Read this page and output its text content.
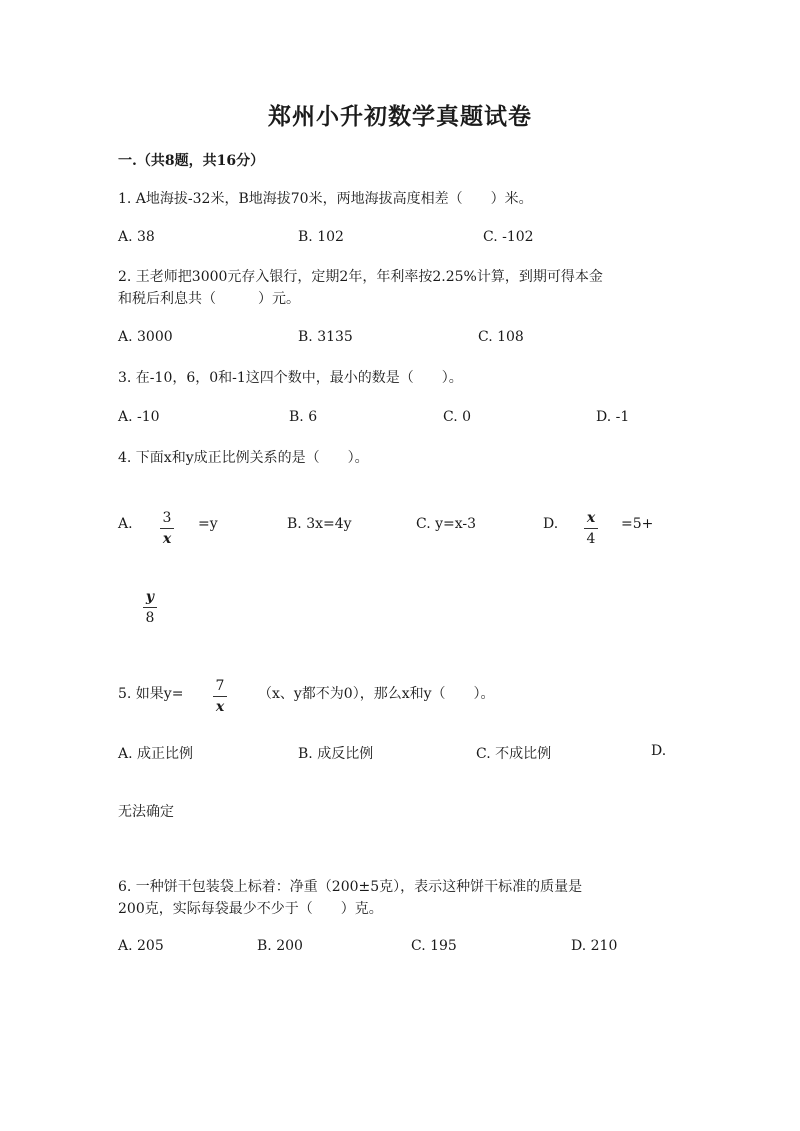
郑州小升初数学真题试卷
一.（共8题，共16分）
1. A地海拔-32米，B地海拔70米，两地海拔高度相差（　　）米。
A. 38	B. 102	C. -102
2. 王老师把3000元存入银行，定期2年，年利率按2.25%计算，到期可得本金
和税后利息共（　　　）元。
A. 3000	B. 3135	C. 108
3. 在-10，6，0和-1这四个数中，最小的数是（　　）。
A. -10	B. 6	C. 0	D. -1
4. 下面x和y成正比例关系的是（　　）。
A. 3
x
=y	B. 3x=4y	C. y=x-3	D. x
4
=5+
y
8
5. 如果y= 7
x
（x、y都不为0），那么x和y（　　）。
A. 成正比例	B. 成反比例	C. 不成比例	D.
无法确定
6. 一种饼干包装袋上标着：净重（200±5克），表示这种饼干标准的质量是
200克，实际每袋最少不少于（　　）克。
A. 205	B. 200	C. 195	D. 210
